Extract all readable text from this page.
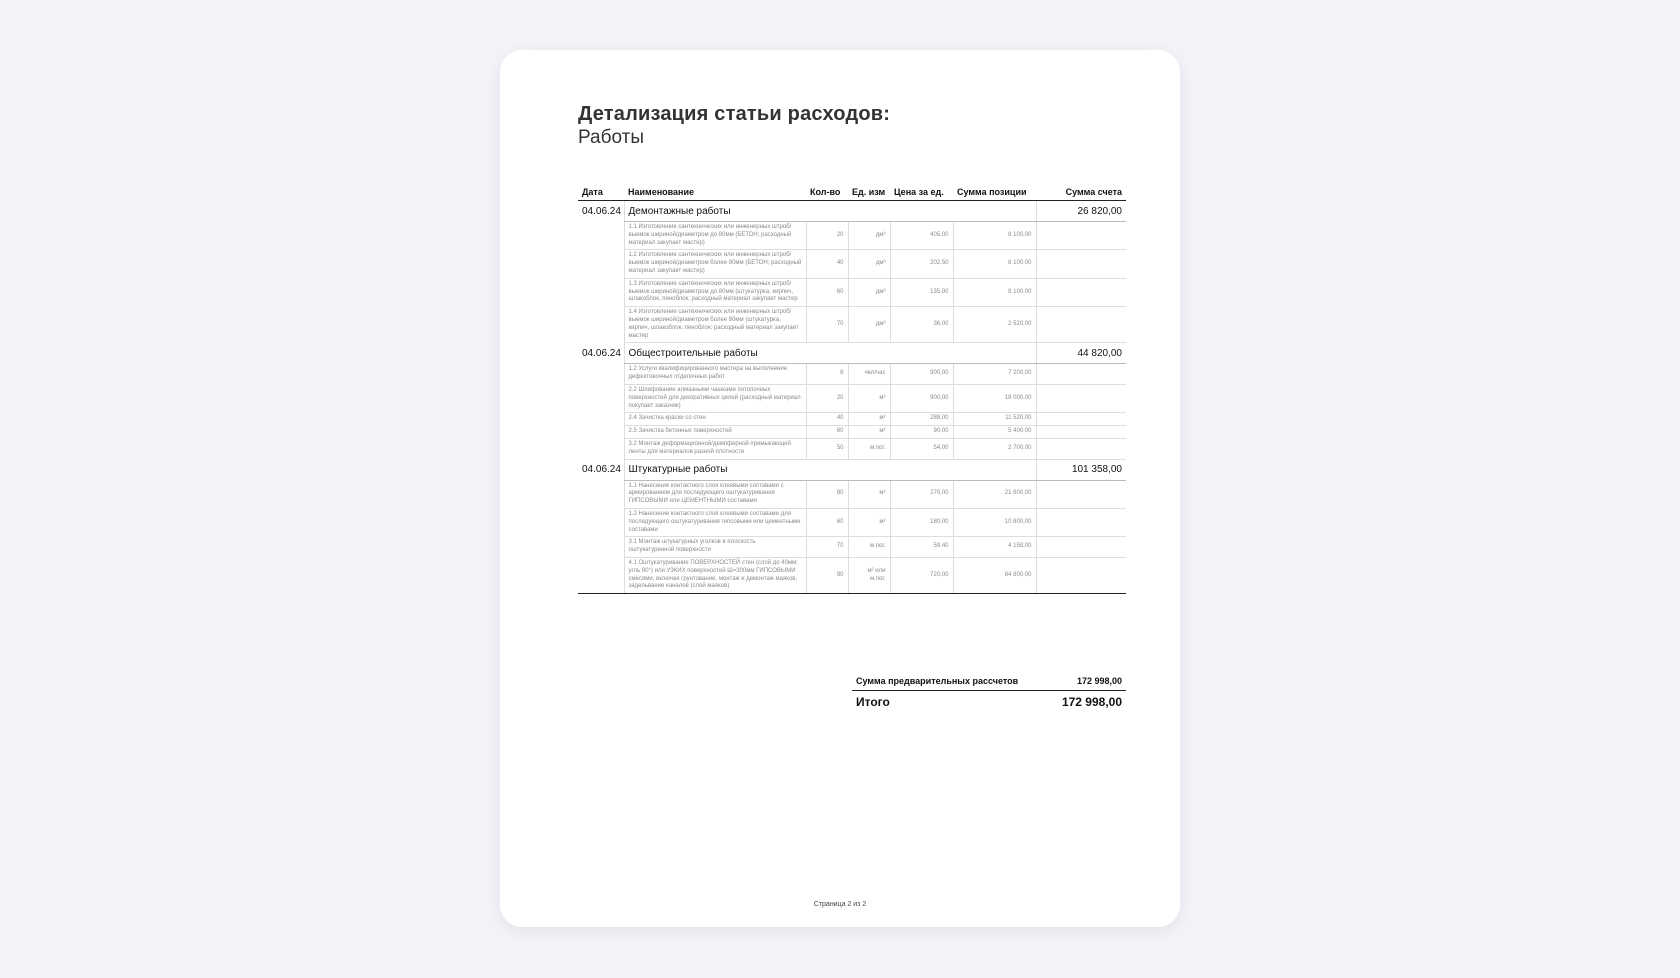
Детализация статьи расходов:
Работы
Дата	Наименование	Кол-во	Ед. изм	Цена за ед.	Сумма позиции	Сумма счета
04.06.24	Демонтажные работы					26 820,00
	1.1 Изготовление сантехнических или инженерных штроб/выемок шириной/диаметром до 80мм (БЕТОН; расходный материал закупает мастер)	20	дм³	405,00	8 100,00	
	1.2 Изготовление сантехнических или инженерных штроб/выемок шириной/диаметром более 80мм (БЕТОН; расходный материал закупает мастер)	40	дм³	202,50	8 100,00	
	1.3 Изготовление сантехнических или инженерных штроб/выемок шириной/диаметром до 80мм (штукатурка, кирпич, шлакоблок, пеноблок; расходный материал закупает мастер	60	дм³	135,00	8 100,00	
	1.4 Изготовление сантехнических или инженерных штроб/выемок шириной/диаметром более 80мм (штукатурка, кирпич, шлакоблок, пеноблок; расходный материал закупает мастер	70	дм³	36,00	2 520,00	
04.06.24	Общестроительные работы					44 820,00
	1.2 Услуги квалифицированного мастера на выполнение дефектовочных отделочных работ	8	чел/час	900,00	7 200,00	
	2.2 Шлифование алмазными чашками потолочных поверхностей для декоративных целей (расходный материал покупает заказчик)	20	м²	900,00	18 000,00	
	2.4 Зачистка краски со стен	40	м²	288,00	11 520,00	
	2.5 Зачистка бетонных поверхностей	60	м²	90,00	5 400,00	
	3.2 Монтаж деформационной/демпферной примыкающей ленты для материалов разной плотности	50	м.пог.	54,00	2 700,00	
04.06.24	Штукатурные работы					101 358,00
	1.1 Нанесение контактного слоя клеевыми составами с армированием для последующего оштукатуривания ГИПСОВЫМИ или ЦЕМЕНТНЫМИ составами	80	м²	270,00	21 600,00	
	1.2 Нанесение контактного слоя клеевыми составами для последующего оштукатуривания гипсовыми или цементными составами	60	м²	180,00	10 800,00	
	3.1 Монтаж штукатурных уголков в плоскость оштукатуренной поверхности	70	м.пог.	59,40	4 158,00	
	4.1 Оштукатуривание ПОВЕРХНОСТЕЙ стен (слой до 40мм; угль 90°) или УЗКИХ поверхностей Ш=300мм ГИПСОВЫМИ смесями, включая грунтование, монтаж и демонтаж маяков, задельвание каналов (слой маяков)	90	м² или м.пог.	720,00	64 800,00	
Сумма предварительных рассчетов	172 998,00
Итого	172 998,00
Страница 2 из 2
